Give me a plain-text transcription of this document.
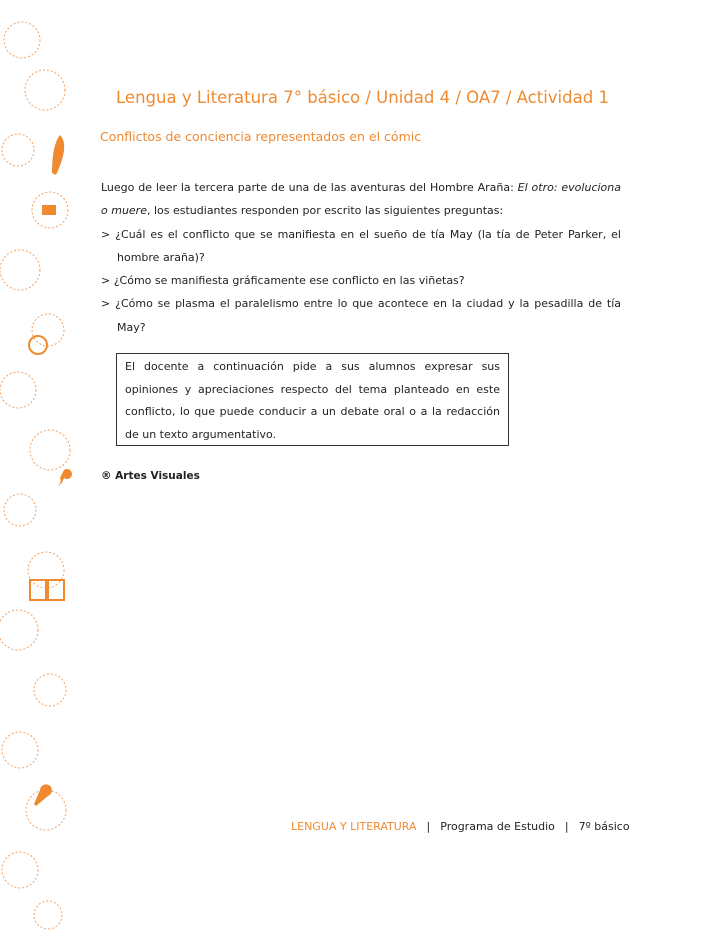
Lengua y Literatura 7° básico / Unidad 4 / OA7 / Actividad 1
Conflictos de conciencia representados en el cómic

Luego de leer la tercera parte de una de las aventuras del Hombre Araña: El otro: evoluciona o muere, los estudiantes responden por escrito las siguientes preguntas:

> ¿Cuál es el conflicto que se manifiesta en el sueño de tía May (la tía de Peter Parker, el hombre araña)?

> ¿Cómo se manifiesta gráficamente ese conflicto en las viñetas?

> ¿Cómo se plasma el paralelismo entre lo que acontece en la ciudad y la pesadilla de tía May?

El docente a continuación pide a sus alumnos expresar sus opiniones y apreciaciones respecto del tema planteado en este conflicto, lo que puede conducir a un debate oral o a la redacción de un texto argumentativo.
® Artes Visuales
LENGUA Y LITERATURA | Programa de Estudio | 7º básico
